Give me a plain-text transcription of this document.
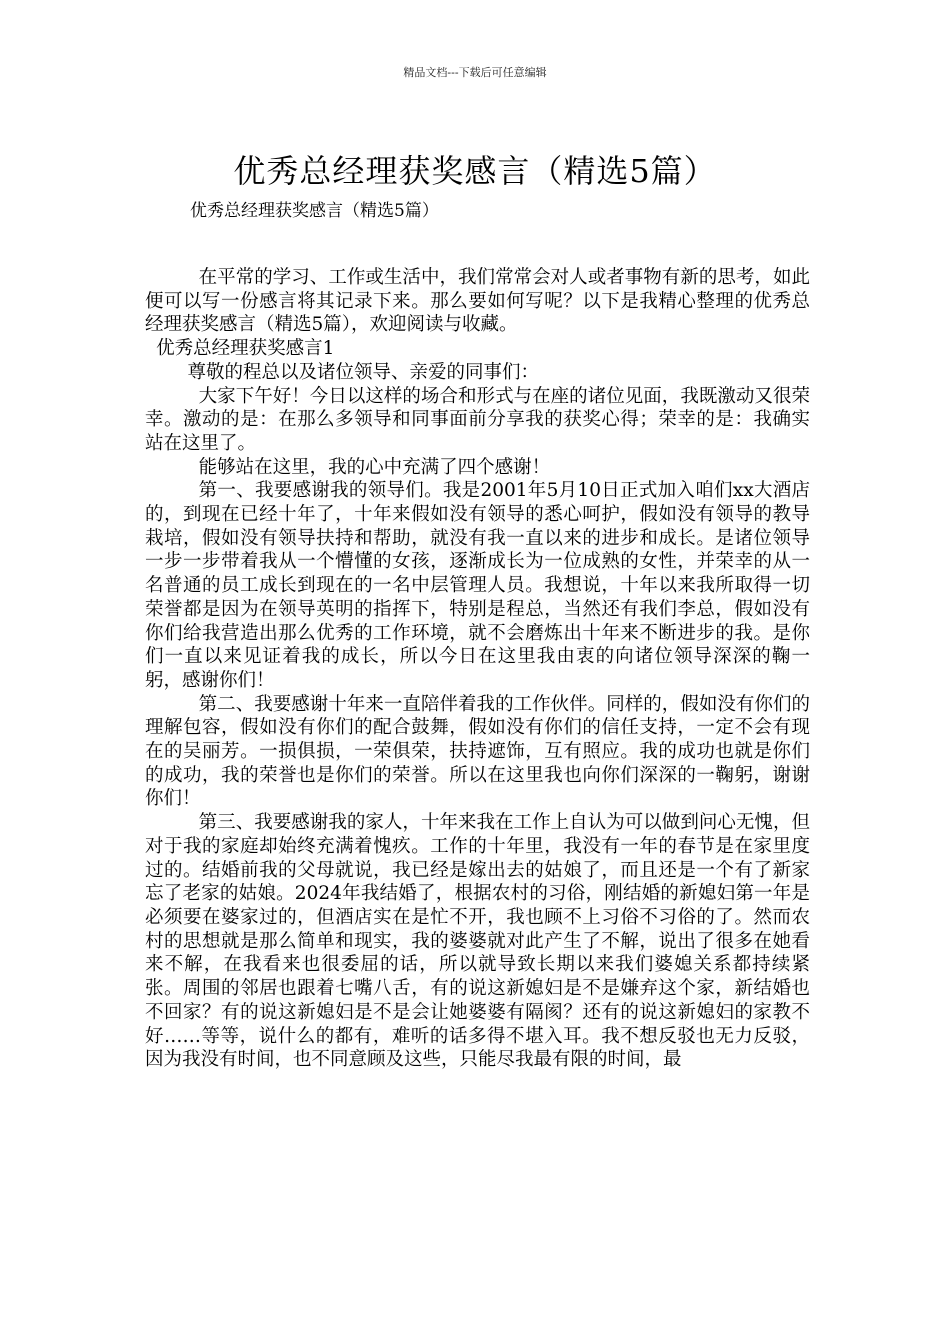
精品文档---下载后可任意编辑
优秀总经理获奖感言（精选5篇）
优秀总经理获奖感言（精选5篇）

在平常的学习、工作或生活中，我们常常会对人或者事物有新的思考，如此便可以写一份感言将其记录下来。那么要如何写呢？以下是我精心整理的优秀总经理获奖感言（精选5篇），欢迎阅读与收藏。

优秀总经理获奖感言1

尊敬的程总以及诸位领导、亲爱的同事们：

大家下午好！今日以这样的场合和形式与在座的诸位见面，我既激动又很荣幸。激动的是：在那么多领导和同事面前分享我的获奖心得；荣幸的是：我确实站在这里了。

能够站在这里，我的心中充满了四个感谢！

第一、我要感谢我的领导们。我是2001年5月10日正式加入咱们xx大酒店的，到现在已经十年了，十年来假如没有领导的悉心呵护，假如没有领导的教导栽培，假如没有领导扶持和帮助，就没有我一直以来的进步和成长。是诸位领导一步一步带着我从一个懵懂的女孩，逐渐成长为一位成熟的女性，并荣幸的从一名普通的员工成长到现在的一名中层管理人员。我想说，十年以来我所取得一切荣誉都是因为在领导英明的指挥下，特别是程总，当然还有我们李总，假如没有你们给我营造出那么优秀的工作环境，就不会磨炼出十年来不断进步的我。是你们一直以来见证着我的成长，所以今日在这里我由衷的向诸位领导深深的鞠一躬，感谢你们！

第二、我要感谢十年来一直陪伴着我的工作伙伴。同样的，假如没有你们的理解包容，假如没有你们的配合鼓舞，假如没有你们的信任支持，一定不会有现在的吴丽芳。一损俱损，一荣俱荣，扶持遮饰，互有照应。我的成功也就是你们的成功，我的荣誉也是你们的荣誉。所以在这里我也向你们深深的一鞠躬，谢谢你们！

第三、我要感谢我的家人，十年来我在工作上自认为可以做到问心无愧，但对于我的家庭却始终充满着愧疚。工作的十年里，我没有一年的春节是在家里度过的。结婚前我的父母就说，我已经是嫁出去的姑娘了，而且还是一个有了新家忘了老家的姑娘。2024年我结婚了，根据农村的习俗，刚结婚的新媳妇第一年是必须要在婆家过的，但酒店实在是忙不开，我也顾不上习俗不习俗的了。然而农村的思想就是那么简单和现实，我的婆婆就对此产生了不解，说出了很多在她看来不解，在我看来也很委屈的话，所以就导致长期以来我们婆媳关系都持续紧张。周围的邻居也跟着七嘴八舌，有的说这新媳妇是不是嫌弃这个家，新结婚也不回家？有的说这新媳妇是不是会让她婆婆有隔阂？还有的说这新媳妇的家教不好……等等，说什么的都有，难听的话多得不堪入耳。我不想反驳也无力反驳，因为我没有时间，也不同意顾及这些，只能尽我最有限的时间，最
